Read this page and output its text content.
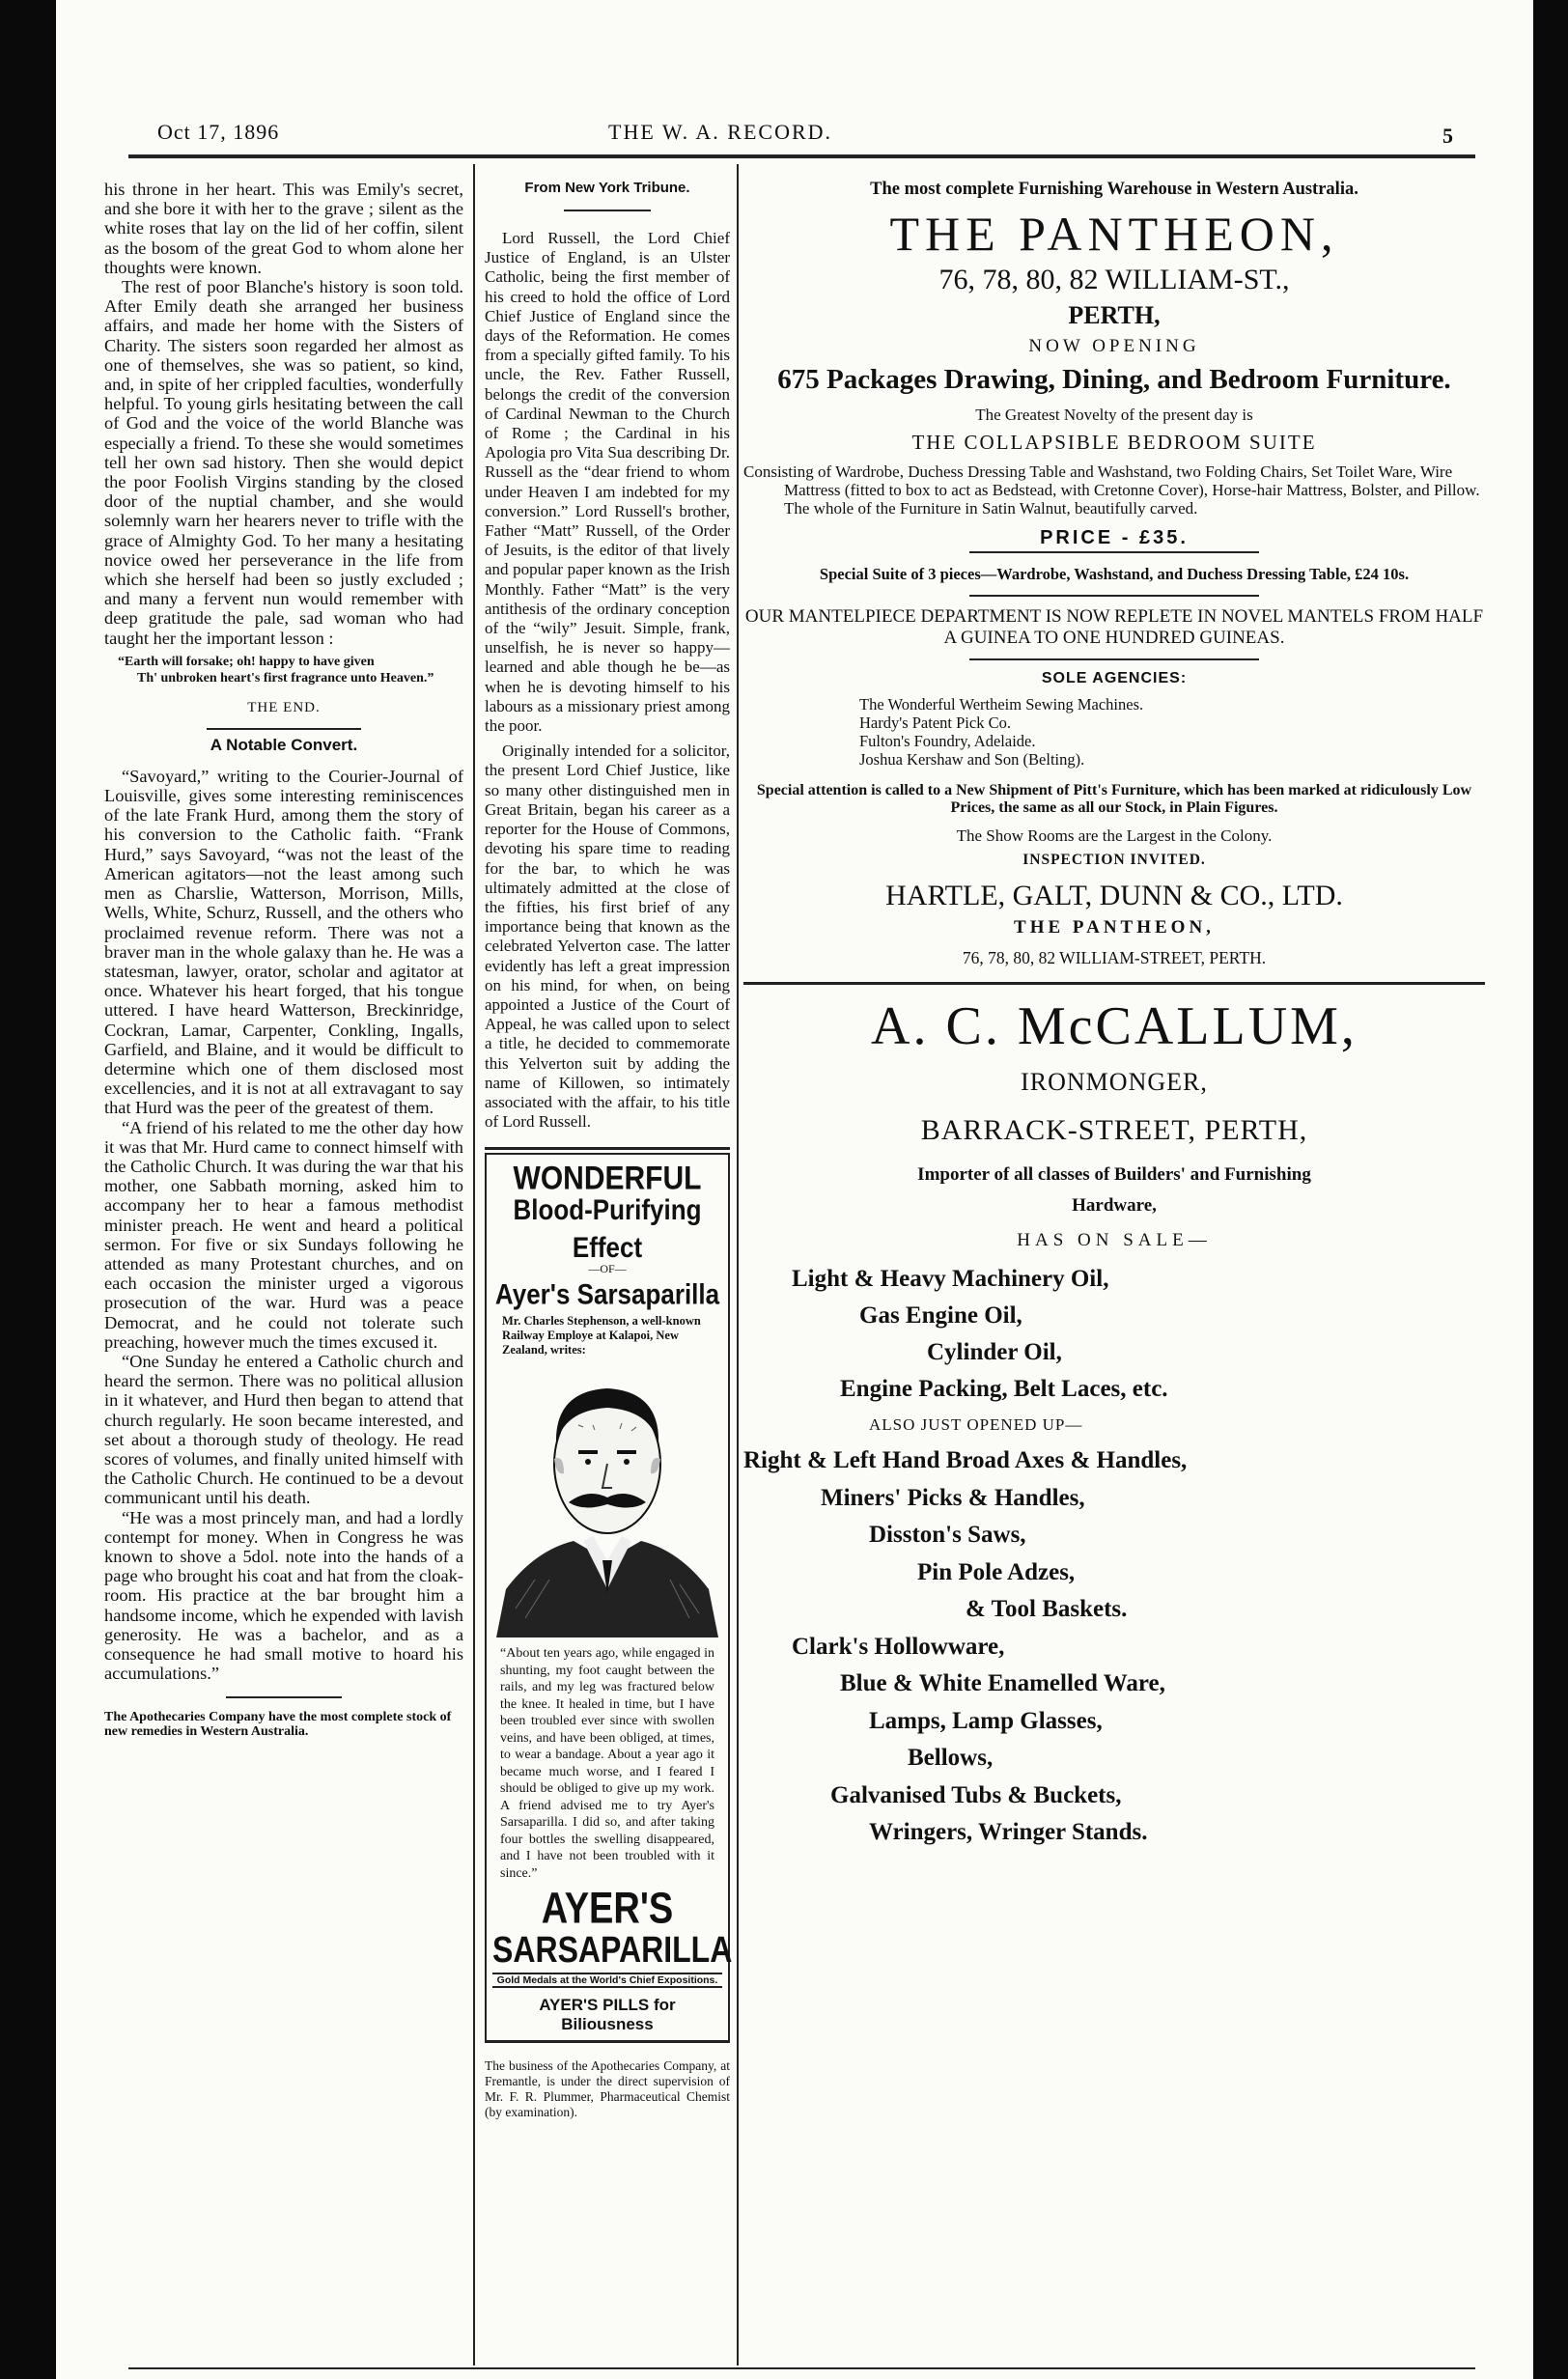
Oct 17, 1896	THE W. A. RECORD.	5

his throne in her heart. This was Emily's secret, and she bore it with her to the grave ; silent as the white roses that lay on the lid of her coffin, silent as the bosom of the great God to whom alone her thoughts were known.

The rest of poor Blanche's history is soon told. After Emily death she arranged her business affairs, and made her home with the Sisters of Charity. The sisters soon regarded her almost as one of themselves, she was so patient, so kind, and, in spite of her crippled faculties, wonderfully helpful. To young girls hesitating between the call of God and the voice of the world Blanche was especially a friend. To these she would sometimes tell her own sad history. Then she would depict the poor Foolish Virgins standing by the closed door of the nuptial chamber, and she would solemnly warn her hearers never to trifle with the grace of Almighty God. To her many a hesitating novice owed her perseverance in the life from which she herself had been so justly excluded ; and many a fervent nun would remember with deep gratitude the pale, sad woman who had taught her the important lesson :

“Earth will forsake; oh! happy to have given

Th' unbroken heart's first fragrance unto Heaven.”

THE END.

A Notable Convert.

“Savoyard,” writing to the Courier-Journal of Louisville, gives some interesting reminiscences of the late Frank Hurd, among them the story of his conversion to the Catholic faith. “Frank Hurd,” says Savoyard, “was not the least of the American agitators—not the least among such men as Charslie, Watterson, Morrison, Mills, Wells, White, Schurz, Russell, and the others who proclaimed revenue reform. There was not a braver man in the whole galaxy than he. He was a statesman, lawyer, orator, scholar and agitator at once. Whatever his heart forged, that his tongue uttered. I have heard Watterson, Breckinridge, Cockran, Lamar, Carpenter, Conkling, Ingalls, Garfield, and Blaine, and it would be difficult to determine which one of them disclosed most excellencies, and it is not at all extravagant to say that Hurd was the peer of the greatest of them.

“A friend of his related to me the other day how it was that Mr. Hurd came to connect himself with the Catholic Church. It was during the war that his mother, one Sabbath morning, asked him to accompany her to hear a famous methodist minister preach. He went and heard a political sermon. For five or six Sundays following he attended as many Protestant churches, and on each occasion the minister urged a vigorous prosecution of the war. Hurd was a peace Democrat, and he could not tolerate such preaching, however much the times excused it.

“One Sunday he entered a Catholic church and heard the sermon. There was no political allusion in it whatever, and Hurd then began to attend that church regularly. He soon became interested, and set about a thorough study of theology. He read scores of volumes, and finally united himself with the Catholic Church. He continued to be a devout communicant until his death.

“He was a most princely man, and had a lordly contempt for money. When in Congress he was known to shove a 5dol. note into the hands of a page who brought his coat and hat from the cloak-room. His practice at the bar brought him a handsome income, which he expended with lavish generosity. He was a bachelor, and as a consequence he had small motive to hoard his accumulations.”

The Apothecaries Company have the most complete stock of new remedies in Western Australia.

From New York Tribune.

Lord Russell, the Lord Chief Justice of England, is an Ulster Catholic, being the first member of his creed to hold the office of Lord Chief Justice of England since the days of the Reformation. He comes from a specially gifted family. To his uncle, the Rev. Father Russell, belongs the credit of the conversion of Cardinal Newman to the Church of Rome ; the Cardinal in his Apologia pro Vita Sua describing Dr. Russell as the “dear friend to whom under Heaven I am indebted for my conversion.” Lord Russell's brother, Father “Matt” Russell, of the Order of Jesuits, is the editor of that lively and popular paper known as the Irish Monthly. Father “Matt” is the very antithesis of the ordinary conception of the “wily” Jesuit. Simple, frank, unselfish, he is never so happy—learned and able though he be—as when he is devoting himself to his labours as a missionary priest among the poor.

Originally intended for a solicitor, the present Lord Chief Justice, like so many other distinguished men in Great Britain, began his career as a reporter for the House of Commons, devoting his spare time to reading for the bar, to which he was ultimately admitted at the close of the fifties, his first brief of any importance being that known as the celebrated Yelverton case. The latter evidently has left a great impression on his mind, for when, on being appointed a Justice of the Court of Appeal, he was called upon to select a title, he decided to commemorate this Yelverton suit by adding the name of Killowen, so intimately associated with the affair, to his title of Lord Russell.

WONDERFUL

Blood-Purifying Effect

—OF—

Ayer's Sarsaparilla

Mr. Charles Stephenson, a well-known Railway Employe at Kalapoi, New Zealand, writes:

“About ten years ago, while engaged in shunting, my foot caught between the rails, and my leg was fractured below the knee. It healed in time, but I have been troubled ever since with swollen veins, and have been obliged, at times, to wear a bandage. About a year ago it became much worse, and I feared I should be obliged to give up my work. A friend advised me to try Ayer's Sarsaparilla. I did so, and after taking four bottles the swelling disappeared, and I have not been troubled with it since.”

AYER'S

SARSAPARILLA

Gold Medals at the World's Chief Expositions.

AYER'S PILLS for Biliousness

The business of the Apothecaries Company, at Fremantle, is under the direct supervision of Mr. F. R. Plummer, Pharmaceutical Chemist (by examination).

The most complete Furnishing Warehouse in Western Australia.

THE PANTHEON,

76, 78, 80, 82 WILLIAM-ST.,

PERTH,

NOW OPENING

675 Packages Drawing, Dining, and Bedroom Furniture.

The Greatest Novelty of the present day is

THE COLLAPSIBLE BEDROOM SUITE

Consisting of Wardrobe, Duchess Dressing Table and Washstand, two Folding Chairs, Set Toilet Ware, Wire Mattress (fitted to box to act as Bedstead, with Cretonne Cover), Horse-hair Mattress, Bolster, and Pillow. The whole of the Furniture in Satin Walnut, beautifully carved.

PRICE - £35.

Special Suite of 3 pieces—Wardrobe, Washstand, and Duchess Dressing Table, £24 10s.

OUR MANTELPIECE DEPARTMENT IS NOW REPLETE IN NOVEL MANTELS FROM HALF A GUINEA TO ONE HUNDRED GUINEAS.

SOLE AGENCIES:

The Wonderful Wertheim Sewing Machines.

Hardy's Patent Pick Co.

Fulton's Foundry, Adelaide.

Joshua Kershaw and Son (Belting).

Special attention is called to a New Shipment of Pitt's Furniture, which has been marked at ridiculously Low Prices, the same as all our Stock, in Plain Figures.

The Show Rooms are the Largest in the Colony.

INSPECTION INVITED.

HARTLE, GALT, DUNN & CO., LTD.

THE PANTHEON,

76, 78, 80, 82 WILLIAM-STREET, PERTH.

A. C. McCALLUM,

IRONMONGER,

BARRACK-STREET, PERTH,

Importer of all classes of Builders' and Furnishing

Hardware,

HAS ON SALE—

Light & Heavy Machinery Oil,

Gas Engine Oil,

Cylinder Oil,

Engine Packing, Belt Laces, etc.

ALSO JUST OPENED UP—

Right & Left Hand Broad Axes & Handles,

Miners' Picks & Handles,

Disston's Saws,

Pin Pole Adzes,

& Tool Baskets.

Clark's Hollowware,

Blue & White Enamelled Ware,

Lamps, Lamp Glasses,

Bellows,

Galvanised Tubs & Buckets,

Wringers, Wringer Stands.
